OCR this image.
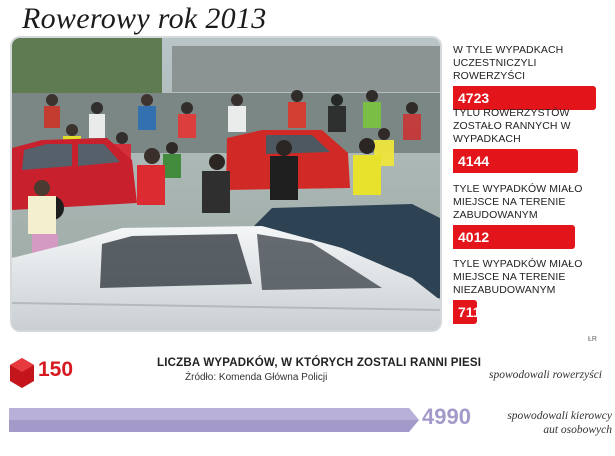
Rowerowy rok 2013
W TYLE WYPADKACH UCZESTNICZYLI ROWERZYŚCI
4723
TYLU ROWERZYSTÓW ZOSTAŁO RANNYCH W WYPADKACH
4144
TYLE WYPADKÓW MIAŁO MIEJSCE NA TERENIE ZABUDOWANYM
4012
TYLE WYPADKÓW MIAŁO MIEJSCE NA TERENIE NIEZABUDOWANYM
711
ŁR
150	LICZBA WYPADKÓW, W KTÓRYCH ZOSTALI RANNI PIESI
Źródło: Komenda Główna Policji	spowodowali rowerzyści
4990	spowodowali kierowcy aut osobowych
